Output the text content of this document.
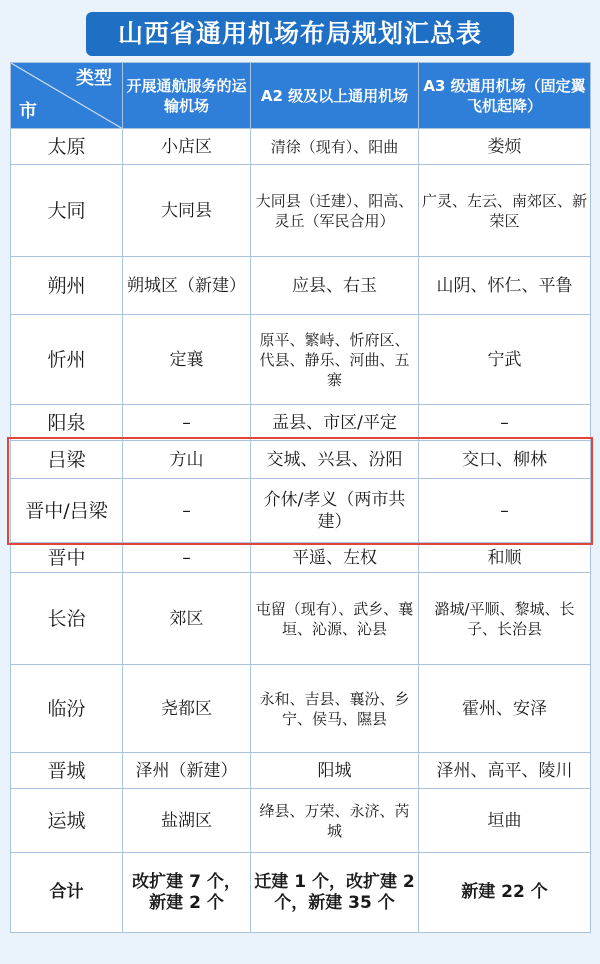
山西省通用机场布局规划汇总表
类型
市	开展通航服务的运输机场	A2 级及以上通用机场	A3 级通用机场（固定翼飞机起降）
太原	小店区	清徐（现有）、阳曲	娄烦
大同	大同县	大同县（迁建）、阳高、灵丘（军民合用）	广灵、左云、南郊区、新荣区
朔州	朔城区（新建）	应县、右玉	山阴、怀仁、平鲁
忻州	定襄	原平、繁峙、忻府区、代县、静乐、河曲、五寨	宁武
阳泉	–	盂县、市区/平定	–
吕梁	方山	交城、兴县、汾阳	交口、柳林
晋中/吕梁	–	介休/孝义（两市共建）	–
晋中	–	平遥、左权	和顺
长治	郊区	屯留（现有）、武乡、襄垣、沁源、沁县	潞城/平顺、黎城、长子、长治县
临汾	尧都区	永和、吉县、襄汾、乡宁、侯马、隰县	霍州、安泽
晋城	泽州（新建）	阳城	泽州、高平、陵川
运城	盐湖区	绛县、万荣、永济、芮城	垣曲
合计	改扩建 7 个，新建 2 个	迁建 1 个，改扩建 2 个，新建 35 个	新建 22 个
